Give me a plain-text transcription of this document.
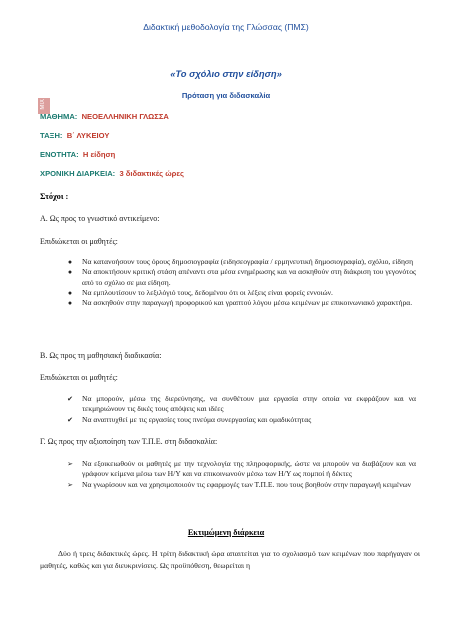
Διδακτική μεθοδολογία της Γλώσσας (ΠΜΣ)
«Το σχόλιο στην είδηση»
Πρόταση για διδασκαλία
ΜΙΧ
ΜΑΘΗΜΑ: ΝΕΟΕΛΛΗΝΙΚΗ ΓΛΩΣΣΑ
ΤΑΞΗ: Β΄ ΛΥΚΕΙΟΥ
ΕΝΟΤΗΤΑ: Η είδηση
ΧΡΟΝΙΚΗ ΔΙΑΡΚΕΙΑ: 3 διδακτικές ώρες
Στόχοι :
Α. Ως προς το γνωστικό αντικείμενο:
Επιδιώκεται οι μαθητές:
●	Να κατανοήσουν τους όρους δημοσιογραφία (ειδησεογραφία / ερμηνευτική δημοσιογραφία), σχόλιο, είδηση
●	Να αποκτήσουν κριτική στάση απέναντι στα μέσα ενημέρωσης και να ασκηθούν στη διάκριση του γεγονότος από το σχόλιο σε μια είδηση.
●	Να εμπλουτίσουν το λεξιλόγιό τους, δεδομένου ότι οι λέξεις είναι φορείς εννοιών.
●	Να ασκηθούν στην παραγωγή προφορικού και γραπτού λόγου μέσω κειμένων με επικοινωνιακό χαρακτήρα.
Β. Ως προς τη μαθησιακή διαδικασία:
Επιδιώκεται οι μαθητές:
✔	Να μπορούν, μέσω της διερεύνησης, να συνθέτουν μια εργασία στην οποία να εκφράζουν και να τεκμηριώνουν τις δικές τους απόψεις και ιδέες
✔	Να αναπτυχθεί με τις εργασίες τους πνεύμα συνεργασίας και ομαδικότητας
Γ. Ως προς την αξιοποίηση των Τ.Π.Ε. στη διδασκαλία:
➢	Να εξοικειωθούν οι μαθητές με την τεχνολογία της πληροφορικής, ώστε να μπορούν να διαβάζουν και να γράφουν κείμενα μέσω των Η/Υ και να επικοινωνούν μέσω των Η/Υ ως πομποί ή δέκτες
➢	Να γνωρίσουν και να χρησιμοποιούν τις εφαρμογές των Τ.Π.Ε. που τους βοηθούν στην παραγωγή κειμένων
Εκτιμώμενη διάρκεια
Δύο ή τρεις διδακτικές ώρες. Η τρίτη διδακτική ώρα απαιτείται για το σχολιασμό των κειμένων που παρήγαγαν οι μαθητές, καθώς και για διευκρινίσεις. Ως προϋπόθεση, θεωρείται η
